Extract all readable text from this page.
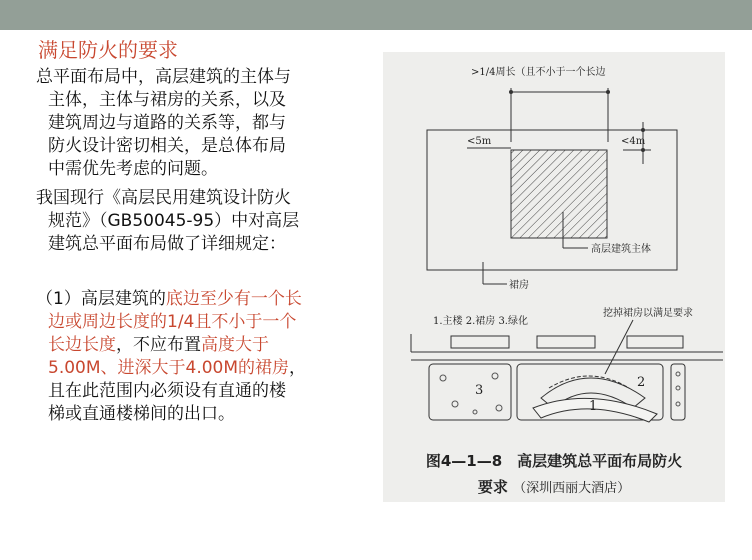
满足防火的要求

总平面布局中，高层建筑的主体与
主体，主体与裙房的关系，以及
建筑周边与道路的关系等，都与
防火设计密切相关，是总体布局
中需优先考虑的问题。

我国现行《高层民用建筑设计防火
规范》（GB50045-95）中对高层
建筑总平面布局做了详细规定：

（1）高层建筑的底边至少有一个长
边或周边长度的1/4且不小于一个
长边长度，不应布置高度大于
5.00M、进深大于4.00M的裙房，
且在此范围内必须设有直通的楼
梯或直通楼梯间的出口。

>1/4周长（且不小于一个长边
<5m	<4m
高层建筑主体
裙房
1.主楼 2.裙房 3.绿化
挖掉裙房以满足要求
3
1
2
图4—1—8　高层建筑总平面布局防火
要求 （深圳西丽大酒店）
